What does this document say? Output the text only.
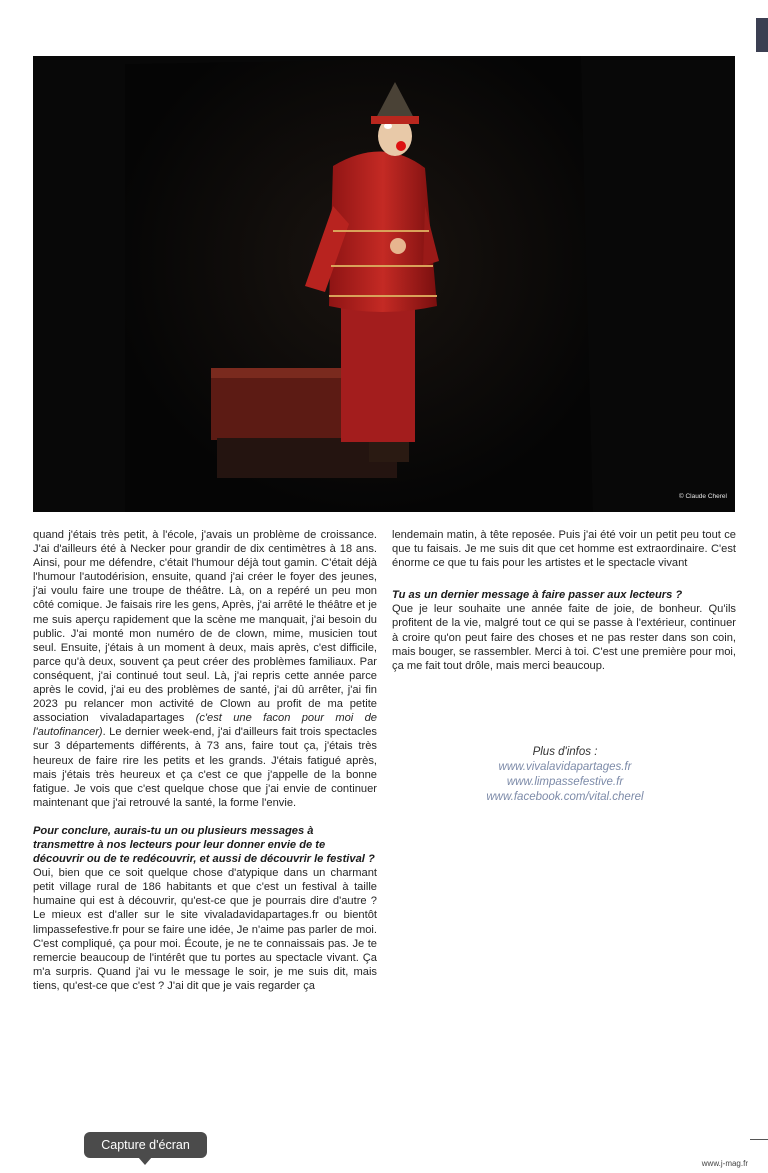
© Claude Cherel

quand j'étais très petit, à l'école, j'avais un problème de croissance. J'ai d'ailleurs été à Necker pour grandir de dix centimètres à 18 ans. Ainsi, pour me défendre, c'était l'humour déjà tout gamin. C'était déjà l'humour l'autodérision, ensuite, quand j'ai créer le foyer des jeunes, j'ai voulu faire une troupe de théâtre. Là, on a repéré un peu mon côté comique. Je faisais rire les gens, Après, j'ai arrêté le théâtre et je me suis aperçu rapidement que la scène me manquait, j'ai besoin du public. J'ai monté mon numéro de de clown, mime, musicien tout seul. Ensuite, j'étais à un moment à deux, mais après, c'est difficile, parce qu'à deux, souvent ça peut créer des problèmes familiaux. Par conséquent, j'ai continué tout seul. Là, j'ai repris cette année parce après le covid, j'ai eu des problèmes de santé, j'ai dû arrêter, j'ai fin 2023 pu relancer mon activité de Clown au profit de ma petite association vivaladapartages (c'est une facon pour moi de l'autofinancer). Le dernier week-end, j'ai d'ailleurs fait trois spectacles sur 3 départements différents, à 73 ans, faire tout ça, j'étais très heureux de faire rire les petits et les grands. J'étais fatigué après, mais j'étais très heureux et ça c'est ce que j'appelle de la bonne fatigue. Je vois que c'est quelque chose que j'ai envie de continuer maintenant que j'ai retrouvé la santé, la forme l'envie.

Pour conclure, aurais-tu un ou plusieurs messages à transmettre à nos lecteurs pour leur donner envie de te découvrir ou de te redécouvrir, et aussi de découvrir le festival ?

Oui, bien que ce soit quelque chose d'atypique dans un charmant petit village rural de 186 habitants et que c'est un festival à taille humaine qui est à découvrir, qu'est-ce que je pourrais dire d'autre ? Le mieux est d'aller sur le site vivaladavidapartages.fr ou bientôt limpassefestive.fr pour se faire une idée, Je n'aime pas parler de moi. C'est compliqué, ça pour moi. Écoute, je ne te connaissais pas. Je te remercie beaucoup de l'intérêt que tu portes au spectacle vivant. Ça m'a surpris. Quand j'ai vu le message le soir, je me suis dit, mais tiens, qu'est-ce que c'est ? J'ai dit que je vais regarder ça

lendemain matin, à tête reposée. Puis j'ai été voir un petit peu tout ce que tu faisais. Je me suis dit que cet homme est extraordinaire. C'est énorme ce que tu fais pour les artistes et le spectacle vivant

Tu as un dernier message à faire passer aux lecteurs ?

Que je leur souhaite une année faite de joie, de bonheur. Qu'ils profitent de la vie, malgré tout ce qui se passe à l'extérieur, continuer à croire qu'on peut faire des choses et ne pas rester dans son coin, mais bouger, se rassembler. Merci à toi. C'est une première pour moi, ça me fait tout drôle, mais merci beaucoup.

Plus d'infos :
www.vivalavidapartages.fr
www.limpassefestive.fr
www.facebook.com/vital.cherel
www.j-mag.fr
Capture d'écran
